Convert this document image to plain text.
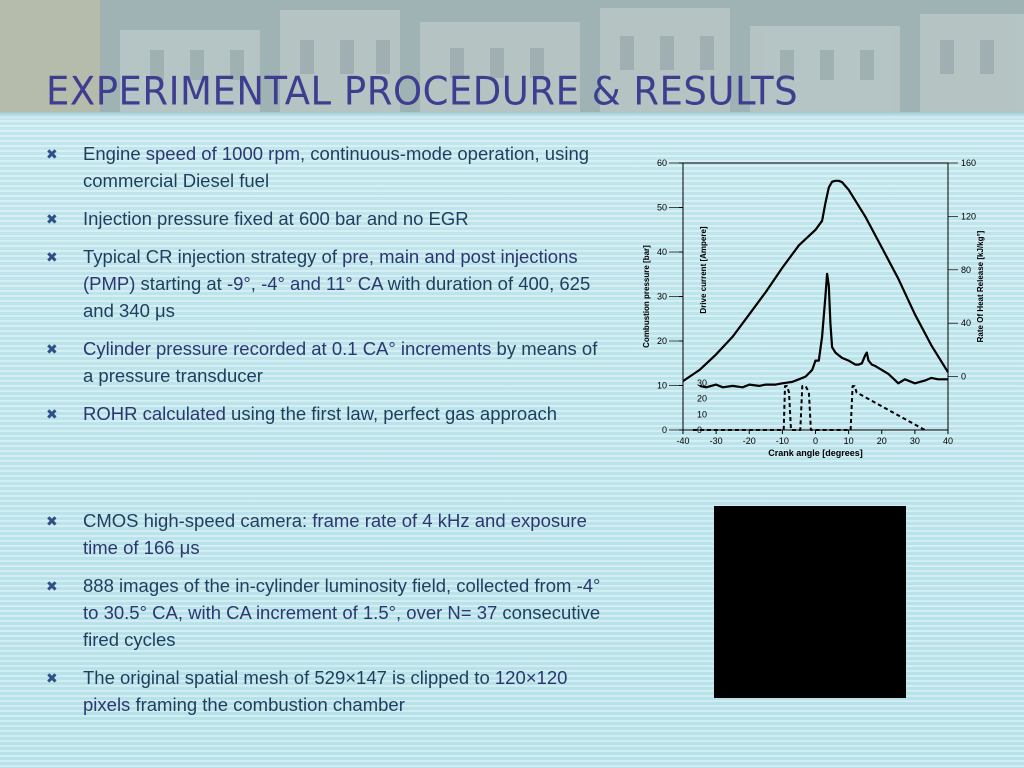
EXPERIMENTAL PROCEDURE & RESULTS
✖ Engine speed of 1000 rpm, continuous-mode operation, using commercial Diesel fuel
✖ Injection pressure fixed at 600 bar and no EGR
✖ Typical CR injection strategy of pre, main and post injections (PMP) starting at -9°, -4° and 11° CA with duration of 400, 625 and 340 μs
✖ Cylinder pressure recorded at 0.1 CA° increments by means of a pressure transducer
✖ ROHR calculated using the first law, perfect gas approach
✖ CMOS high-speed camera: frame rate of 4 kHz and exposure time of 166 μs
✖ 888 images of the in-cylinder luminosity field, collected from -4° to 30.5° CA, with CA increment of 1.5°, over N= 37 consecutive fired cycles
✖ The original spatial mesh of 529×147 is clipped to 120×120 pixels framing the combustion chamber
-40 -30 -20 -10	0	10	20	30	40
0
10
20
30
40
50
60
0
40
80
120
160
0
10
20
30
Crank angle [degrees]
Combustion pressure [bar]	Drive current [Ampere]	Rate Of Heat Release [kJ/kg°]
